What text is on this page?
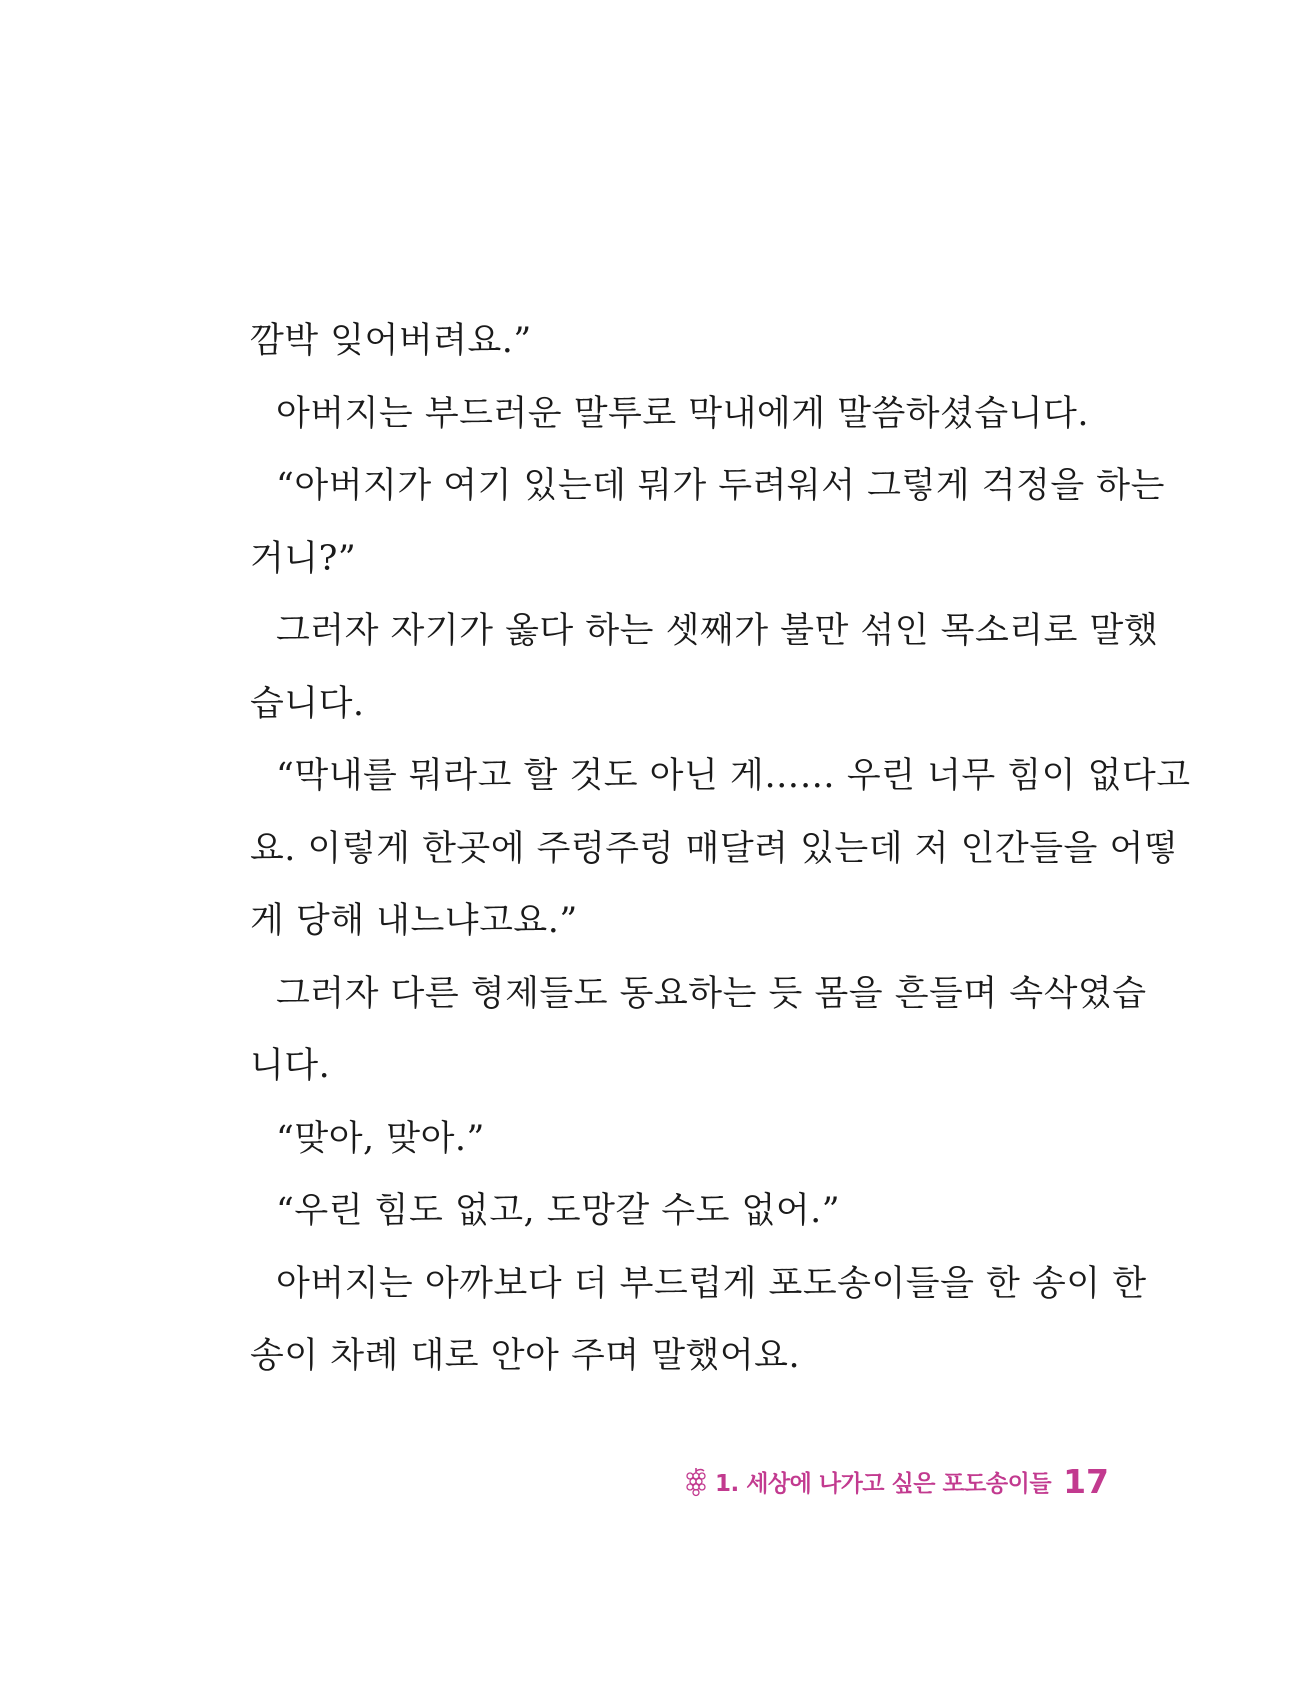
깜박 잊어버려요.”
아버지는 부드러운 말투로 막내에게 말씀하셨습니다.
“아버지가 여기 있는데 뭐가 두려워서 그렇게 걱정을 하는
거니?”
그러자 자기가 옳다 하는 셋째가 불만 섞인 목소리로 말했
습니다.
“막내를 뭐라고 할 것도 아닌 게…… 우린 너무 힘이 없다고
요. 이렇게 한곳에 주렁주렁 매달려 있는데 저 인간들을 어떻
게 당해 내느냐고요.”
그러자 다른 형제들도 동요하는 듯 몸을 흔들며 속삭였습
니다.
“맞아, 맞아.”
“우린 힘도 없고, 도망갈 수도 없어.”
아버지는 아까보다 더 부드럽게 포도송이들을 한 송이 한
송이 차례 대로 안아 주며 말했어요.
1. 세상에 나가고 싶은 포도송이들 17
